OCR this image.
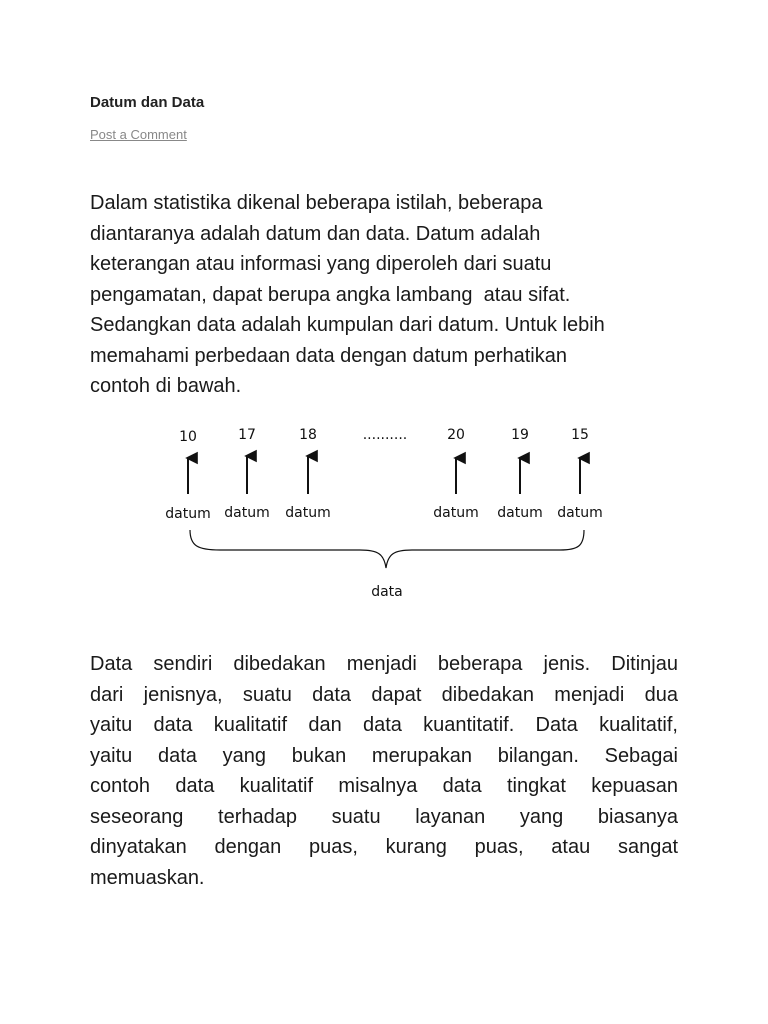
Datum dan Data
Post a Comment

Dalam statistika dikenal beberapa istilah, beberapa
diantaranya adalah datum dan data. Datum adalah
keterangan atau informasi yang diperoleh dari suatu
pengamatan, dapat berupa angka lambang  atau sifat.
Sedangkan data adalah kumpulan dari datum. Untuk lebih
memahami perbedaan data dengan datum perhatikan
contoh di bawah.

10	17	18	..........	20	19	15
datum datum datum	datum datum datum
data

Data sendiri dibedakan menjadi beberapa jenis. Ditinjau
dari jenisnya, suatu data dapat dibedakan menjadi dua
yaitu data kualitatif dan data kuantitatif. Data kualitatif,
yaitu data yang bukan merupakan bilangan. Sebagai
contoh data kualitatif misalnya data tingkat kepuasan
seseorang terhadap suatu layanan yang biasanya
dinyatakan dengan puas, kurang puas, atau sangat
memuaskan.
